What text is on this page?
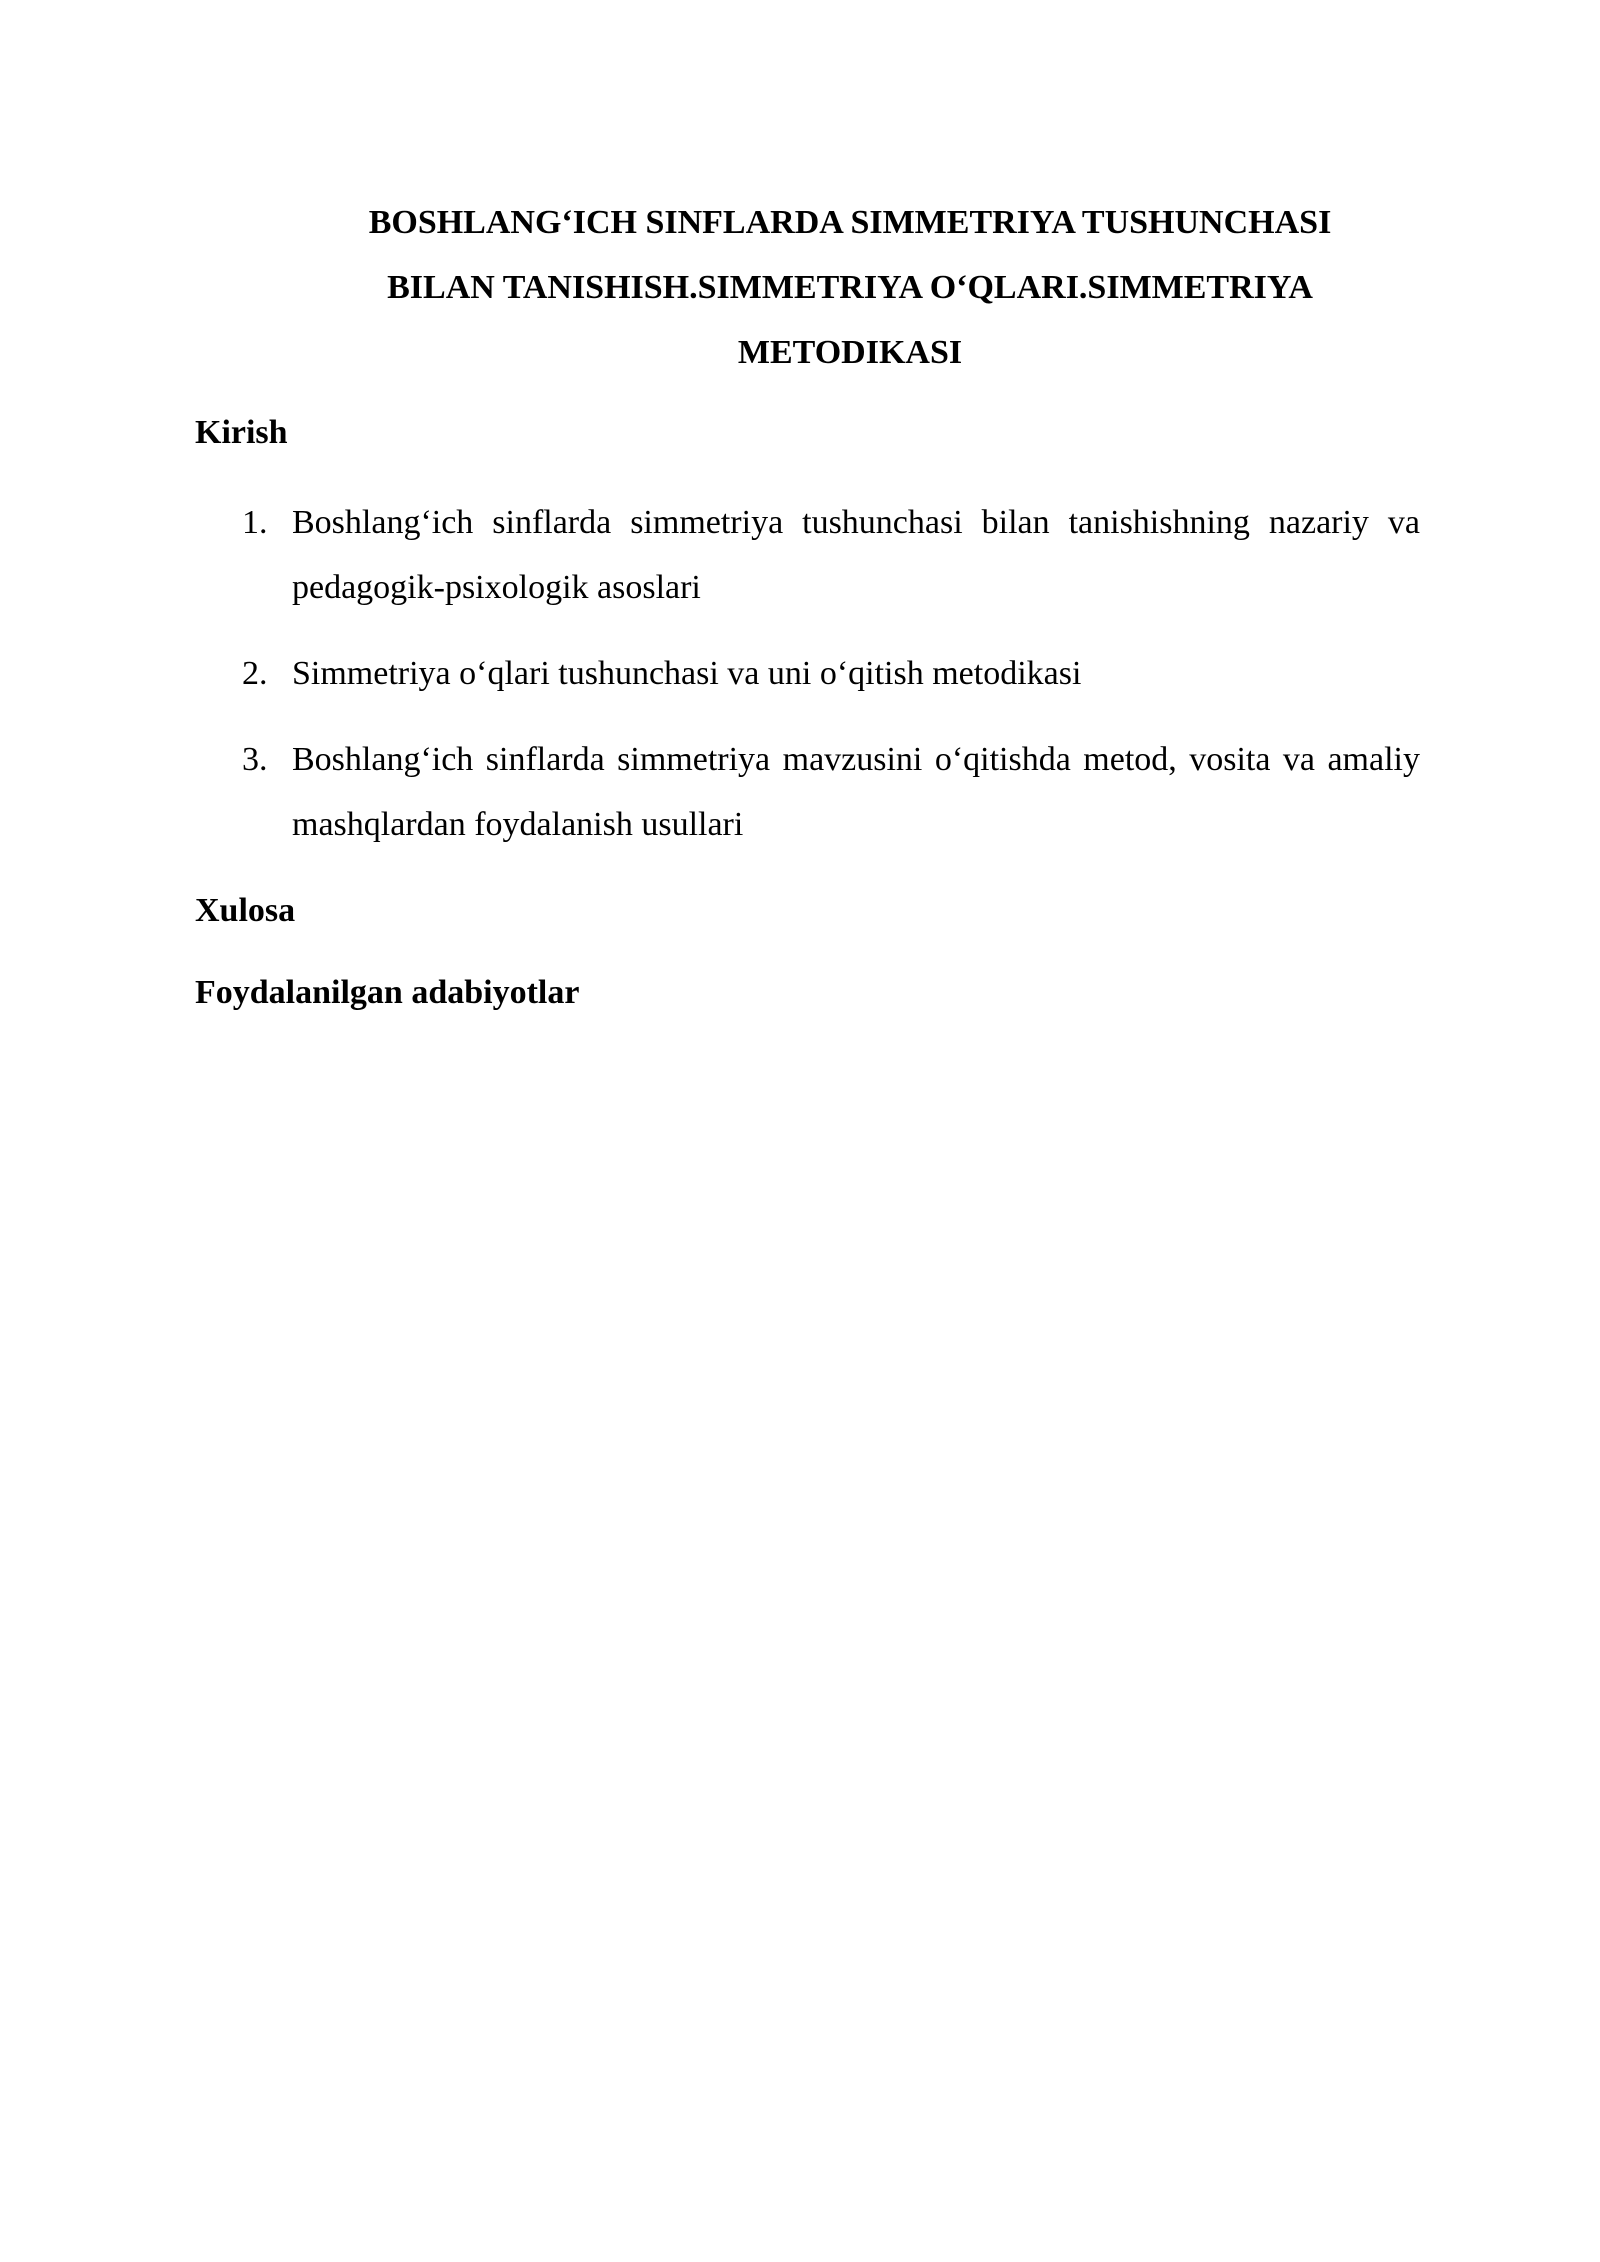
BOSHLANG‘ICH SINFLARDA SIMMETRIYA TUSHUNCHASI
BILAN TANISHISH.SIMMETRIYA O‘QLARI.SIMMETRIYA
METODIKASI
Kirish
1. Boshlang‘ich sinflarda simmetriya tushunchasi bilan tanishishning nazariy va pedagogik-psixologik asoslari
2. Simmetriya o‘qlari tushunchasi va uni o‘qitish metodikasi
3. Boshlang‘ich sinflarda simmetriya mavzusini o‘qitishda metod, vosita va amaliy mashqlardan foydalanish usullari
Xulosa
Foydalanilgan adabiyotlar
